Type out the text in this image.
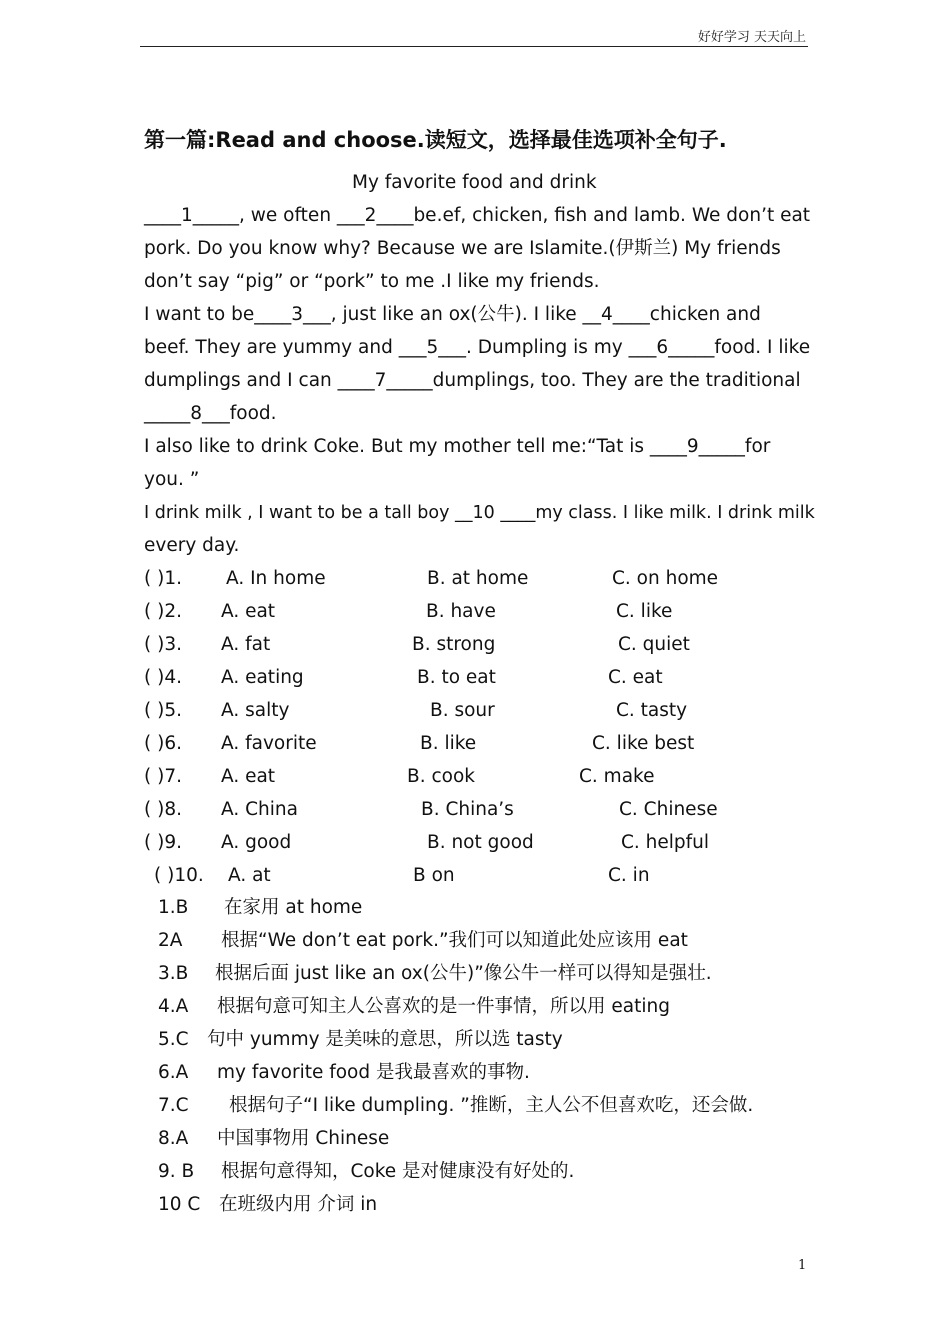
好好学习 天天向上
第一篇:Read and choose.读短文，选择最佳选项补全句子.
My favorite food and drink
____1_____, we often ___2____be.ef, chicken, fish and lamb. We don’t eat
pork. Do you know why? Because we are Islamite.(伊斯兰) My friends
don’t say “pig” or “pork” to me .I like my friends.
I want to be____3___, just like an ox(公牛). I like __4____chicken and
beef. They are yummy and ___5___. Dumpling is my ___6_____food. I like
dumplings and I can ____7_____dumplings, too. They are the traditional
_____8___food.
I also like to drink Coke. But my mother tell me:“Tat is ____9_____for
you. ”
I drink milk , I want to be a tall boy __10 ____my class. I like milk. I drink milk
every day.
( )1. A. In home	B. at home	C. on home
( )2. A. eat	B. have	C. like
( )3. A. fat	B. strong	C. quiet
( )4. A. eating	B. to eat	C. eat
( )5. A. salty	B. sour	C. tasty
( )6. A. favorite	B. like	C. like best
( )7. A. eat	B. cook	C. make
( )8. A. China	B. China’s	C. Chinese
( )9. A. good	B. not good	C. helpful
( )10. A. at	B on	C. in
1.B 在家用 at home
2A 根据“We don’t eat pork.”我们可以知道此处应该用 eat
3.B 根据后面 just like an ox(公牛)”像公牛一样可以得知是强壮.
4.A 根据句意可知主人公喜欢的是一件事情，所以用 eating
5.C 句中 yummy 是美味的意思，所以选 tasty
6.A my favorite food 是我最喜欢的事物.
7.C 根据句子“I like dumpling. ”推断，主人公不但喜欢吃，还会做.
8.A 中国事物用 Chinese
9. B 根据句意得知，Coke 是对健康没有好处的.
10 C 在班级内用 介词 in
1
